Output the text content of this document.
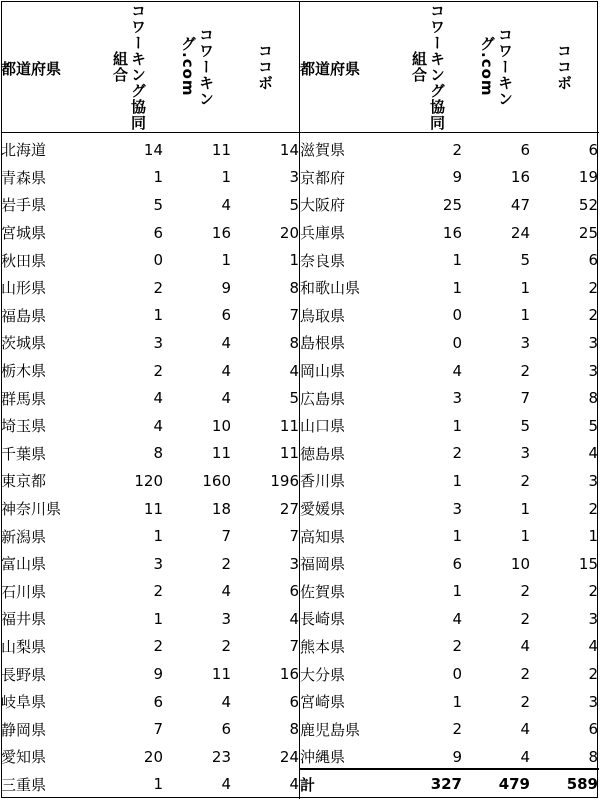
都道府県	コワーキング協同組合	コワーキング.com	ココボ
北海道	14	11	14
青森県	1	1	3
岩手県	5	4	5
宮城県	6	16	20
秋田県	0	1	1
山形県	2	9	8
福島県	1	6	7
茨城県	3	4	8
栃木県	2	4	4
群馬県	4	4	5
埼玉県	4	10	11
千葉県	8	11	11
東京都	120	160	196
神奈川県	11	18	27
新潟県	1	7	7
富山県	3	2	3
石川県	2	4	6
福井県	1	3	4
山梨県	2	2	7
長野県	9	11	16
岐阜県	6	4	6
静岡県	7	6	8
愛知県	20	23	24
三重県	1	4	4
都道府県	コワーキング協同組合	コワーキング.com	ココボ
滋賀県	2	6	6
京都府	9	16	19
大阪府	25	47	52
兵庫県	16	24	25
奈良県	1	5	6
和歌山県	1	1	2
鳥取県	0	1	2
島根県	0	3	3
岡山県	4	2	3
広島県	3	7	8
山口県	1	5	5
徳島県	2	3	4
香川県	1	2	3
愛媛県	3	1	2
高知県	1	1	1
福岡県	6	10	15
佐賀県	1	2	2
長崎県	4	2	3
熊本県	2	4	4
大分県	0	2	2
宮崎県	1	2	3
鹿児島県	2	4	6
沖縄県	9	4	8
計	327	479	589
